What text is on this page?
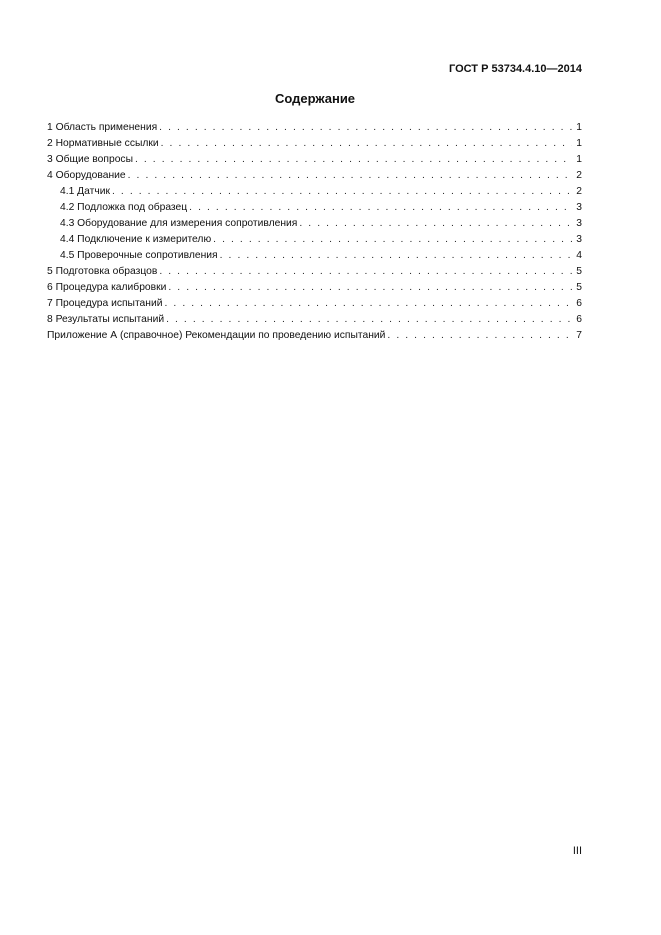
ГОСТ Р 53734.4.10—2014
Содержание
1 Область применения . . .	1
2 Нормативные ссылки . . .	1
3 Общие вопросы . . .	1
4 Оборудование . . .	2
4.1 Датчик . . .	2
4.2 Подложка под образец . . .	3
4.3 Оборудование для измерения сопротивления . . .	3
4.4 Подключение к измерителю . . .	3
4.5 Проверочные сопротивления . . .	4
5 Подготовка образцов . . .	5
6 Процедура калибровки . . .	5
7 Процедура испытаний . . .	6
8 Результаты испытаний . . .	6
Приложение А (справочное) Рекомендации по проведению испытаний . . .	7
III
